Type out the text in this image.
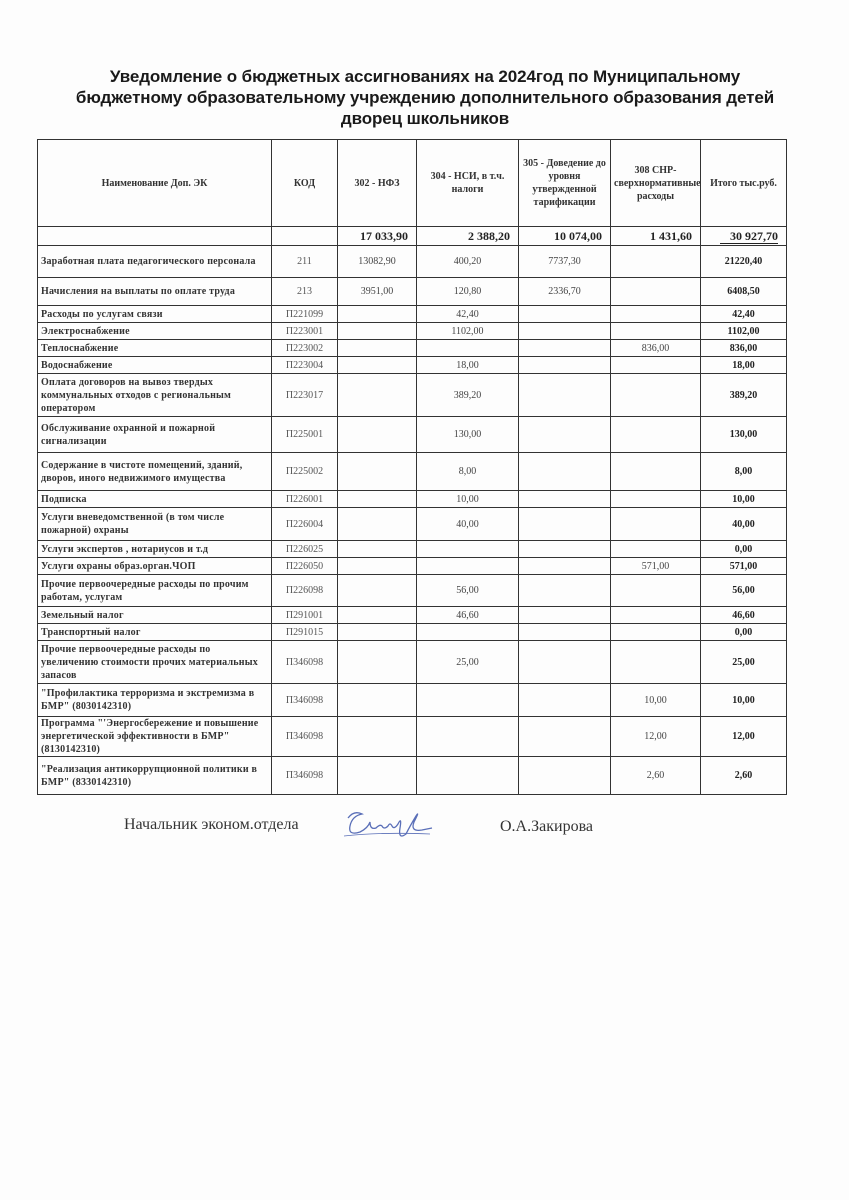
Уведомление о бюджетных ассигнованиях на 2024год по Муниципальному
бюджетному образовательному учреждению дополнительного образования детей
дворец школьников
Наименование Доп. ЭК	КОД	302 - НФЗ	304 - НСИ, в т.ч. налоги	305 - Доведение до уровня утвержденной тарификации	308 СНР-сверхнормативные расходы	Итого тыс.руб.
		17 033,90	2 388,20	10 074,00	1 431,60	30 927,70
Заработная плата педагогического персонала	211	13082,90	400,20	7737,30		21220,40
Начисления на выплаты по оплате труда	213	3951,00	120,80	2336,70		6408,50
Расходы по услугам связи	П221099		42,40			42,40
Электроснабжение	П223001		1102,00			1102,00
Теплоснабжение	П223002				836,00	836,00
Водоснабжение	П223004		18,00			18,00
Оплата договоров на вывоз твердых коммунальных отходов с региональным оператором	П223017		389,20			389,20
Обслуживание охранной и пожарной сигнализации	П225001		130,00			130,00
Содержание в чистоте помещений, зданий, дворов, иного недвижимого имущества	П225002		8,00			8,00
Подписка	П226001		10,00			10,00
Услуги вневедомственной (в том числе пожарной) охраны	П226004		40,00			40,00
Услуги экспертов , нотариусов и т.д	П226025					0,00
Услуги охраны образ.орган.ЧОП	П226050				571,00	571,00
Прочие первоочередные расходы по прочим работам, услугам	П226098		56,00			56,00
Земельный налог	П291001		46,60			46,60
Транспортный налог	П291015					0,00
Прочие первоочередные расходы по увеличению стоимости прочих материальных запасов	П346098		25,00			25,00
"Профилактика терроризма и экстремизма в БМР" (8030142310)	П346098				10,00	10,00
Программа "'Энергосбережение и повышение энергетической эффективности в БМР" (8130142310)	П346098				12,00	12,00
"Реализация антикоррупционной политики в БМР" (8330142310)	П346098				2,60	2,60
Начальник эконом.отдела	О.А.Закирова
